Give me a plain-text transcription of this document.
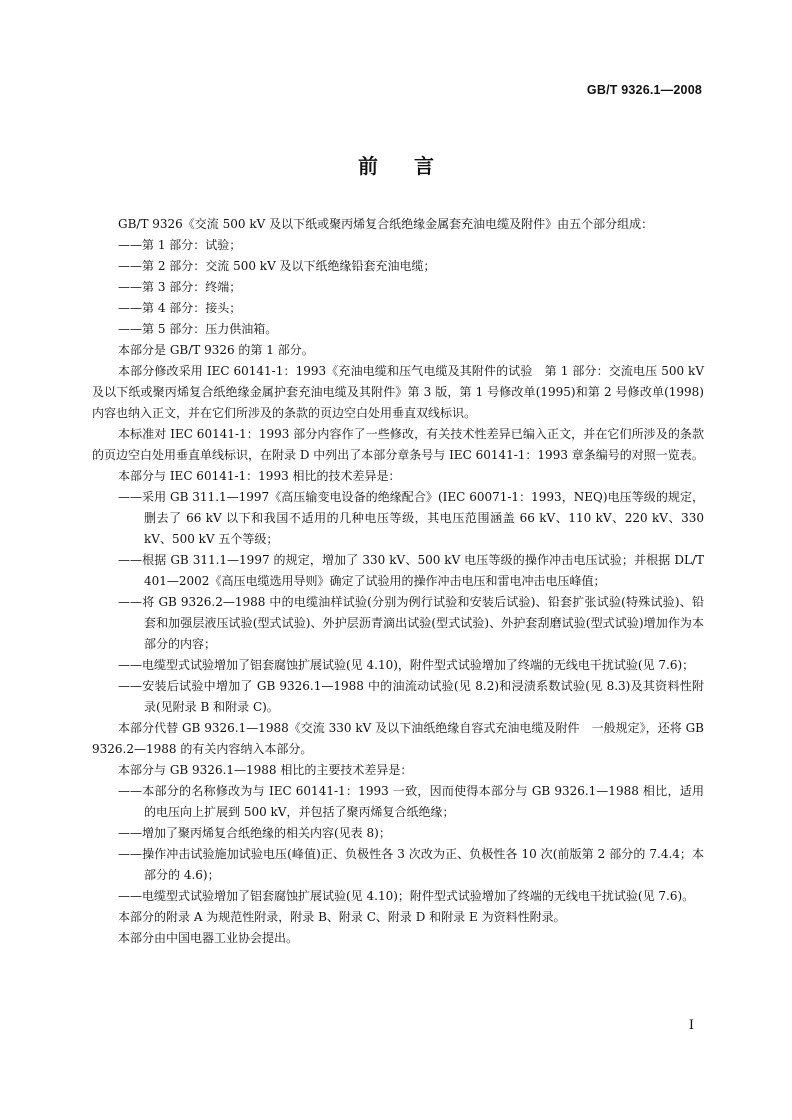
GB/T 9326.1—2008
前 言
GB/T 9326《交流 500 kV 及以下纸或聚丙烯复合纸绝缘金属套充油电缆及附件》由五个部分组成：
——第 1 部分：试验；
——第 2 部分：交流 500 kV 及以下纸绝缘铅套充油电缆；
——第 3 部分：终端；
——第 4 部分：接头；
——第 5 部分：压力供油箱。
本部分是 GB/T 9326 的第 1 部分。
本部分修改采用 IEC 60141-1：1993《充油电缆和压气电缆及其附件的试验　第 1 部分：交流电压 500 kV 及以下纸或聚丙烯复合纸绝缘金属护套充油电缆及其附件》第 3 版，第 1 号修改单(1995)和第 2 号修改单(1998)内容也纳入正文，并在它们所涉及的条款的页边空白处用垂直双线标识。
本标准对 IEC 60141-1：1993 部分内容作了一些修改，有关技术性差异已编入正文，并在它们所涉及的条款的页边空白处用垂直单线标识，在附录 D 中列出了本部分章条号与 IEC 60141-1：1993 章条编号的对照一览表。
本部分与 IEC 60141-1：1993 相比的技术差异是：
——采用 GB 311.1—1997《高压输变电设备的绝缘配合》(IEC 60071-1：1993，NEQ)电压等级的规定，删去了 66 kV 以下和我国不适用的几种电压等级，其电压范围涵盖 66 kV、110 kV、220 kV、330 kV、500 kV 五个等级；
——根据 GB 311.1—1997 的规定，增加了 330 kV、500 kV 电压等级的操作冲击电压试验；并根据 DL/T 401—2002《高压电缆选用导则》确定了试验用的操作冲击电压和雷电冲击电压峰值；
——将 GB 9326.2—1988 中的电缆油样试验(分别为例行试验和安装后试验)、铅套扩张试验(特殊试验)、铅套和加强层液压试验(型式试验)、外护层沥青滴出试验(型式试验)、外护套刮磨试验(型式试验)增加作为本部分的内容；
——电缆型式试验增加了铝套腐蚀扩展试验(见 4.10)，附件型式试验增加了终端的无线电干扰试验(见 7.6)；
——安装后试验中增加了 GB 9326.1—1988 中的油流动试验(见 8.2)和浸渍系数试验(见 8.3)及其资料性附录(见附录 B 和附录 C)。
本部分代替 GB 9326.1—1988《交流 330 kV 及以下油纸绝缘自容式充油电缆及附件　一般规定》，还将 GB 9326.2—1988 的有关内容纳入本部分。
本部分与 GB 9326.1—1988 相比的主要技术差异是：
——本部分的名称修改为与 IEC 60141-1：1993 一致，因而使得本部分与 GB 9326.1—1988 相比，适用的电压向上扩展到 500 kV，并包括了聚丙烯复合纸绝缘；
——增加了聚丙烯复合纸绝缘的相关内容(见表 8)；
——操作冲击试验施加试验电压(峰值)正、负极性各 3 次改为正、负极性各 10 次(前版第 2 部分的 7.4.4；本部分的 4.6)；
——电缆型式试验增加了铝套腐蚀扩展试验(见 4.10)；附件型式试验增加了终端的无线电干扰试验(见 7.6)。
本部分的附录 A 为规范性附录，附录 B、附录 C、附录 D 和附录 E 为资料性附录。
本部分由中国电器工业协会提出。
I
